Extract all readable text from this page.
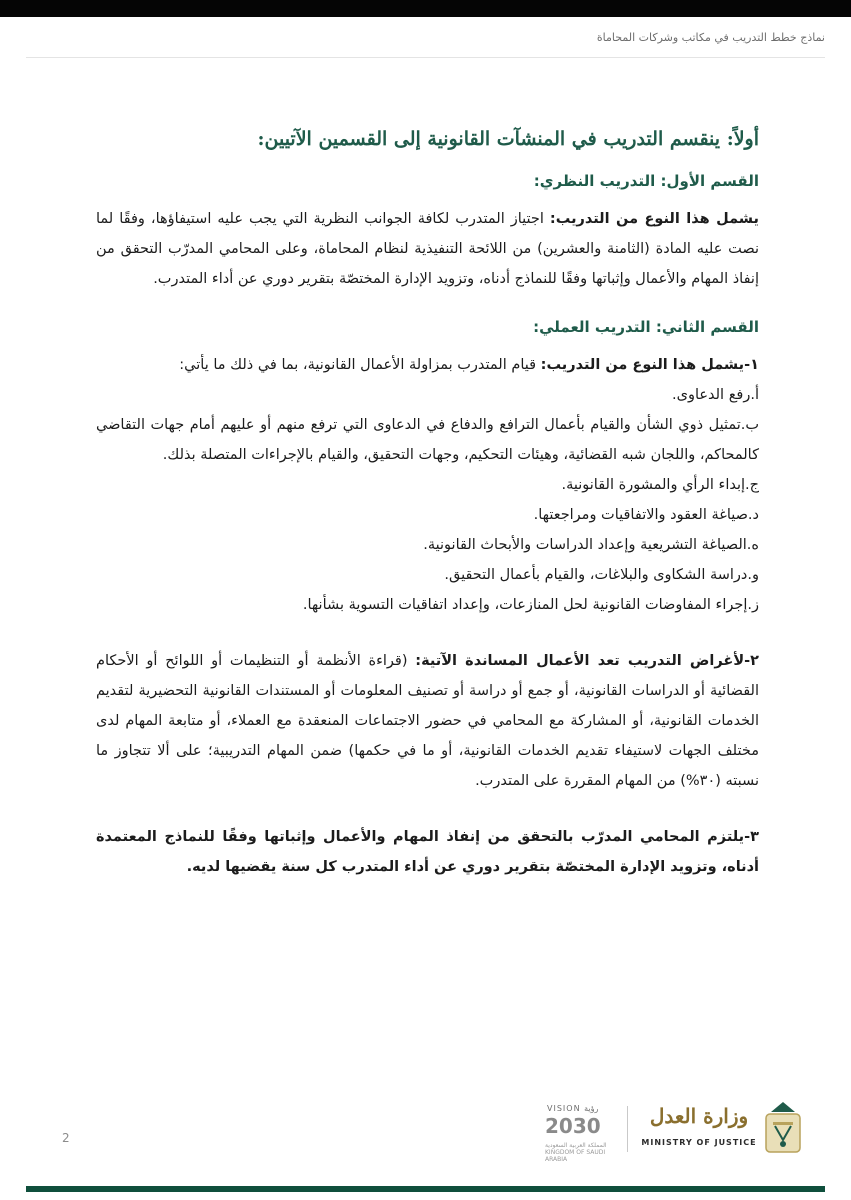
نماذج خطط التدريب في مكاتب وشركات المحاماة
أولاً: ينقسم التدريب في المنشآت القانونية إلى القسمين الآتيين:
القسم الأول: التدريب النظري:

يشمل هذا النوع من التدريب: اجتياز المتدرب لكافة الجوانب النظرية التي يجب عليه استيفاؤها، وفقًا لما نصت عليه المادة (الثامنة والعشرين) من اللائحة التنفيذية لنظام المحاماة، وعلى المحامي المدرّب التحقق من إنفاذ المهام والأعمال وإثباتها وفقًا للنماذج أدناه، وتزويد الإدارة المختصّة بتقرير دوري عن أداء المتدرب.

القسم الثاني: التدريب العملي:

١-يشمل هذا النوع من التدريب: قيام المتدرب بمزاولة الأعمال القانونية، بما في ذلك ما يأتي:

أ.رفع الدعاوى.

ب.تمثيل ذوي الشأن والقيام بأعمال الترافع والدفاع في الدعاوى التي ترفع منهم أو عليهم أمام جهات التقاضي كالمحاكم، واللجان شبه القضائية، وهيئات التحكيم، وجهات التحقيق، والقيام بالإجراءات المتصلة بذلك.

ج.إبداء الرأي والمشورة القانونية.

د.صياغة العقود والاتفاقيات ومراجعتها.

ه.الصياغة التشريعية وإعداد الدراسات والأبحاث القانونية.

و.دراسة الشكاوى والبلاغات، والقيام بأعمال التحقيق.

ز.إجراء المفاوضات القانونية لحل المنازعات، وإعداد اتفاقيات التسوية بشأنها.

٢-لأغراض التدريب تعد الأعمال المساندة الآتية: (قراءة الأنظمة أو التنظيمات أو اللوائح أو الأحكام القضائية أو الدراسات القانونية، أو جمع أو دراسة أو تصنيف المعلومات أو المستندات القانونية التحضيرية لتقديم الخدمات القانونية، أو المشاركة مع المحامي في حضور الاجتماعات المنعقدة مع العملاء، أو متابعة المهام لدى مختلف الجهات لاستيفاء تقديم الخدمات القانونية، أو ما في حكمها) ضمن المهام التدريبية؛ على ألا تتجاوز ما نسبته (٣٠%) من المهام المقررة على المتدرب.

٣-يلتزم المحامي المدرّب بالتحقق من إنفاذ المهام والأعمال وإثباتها وفقًا للنماذج المعتمدة أدناه، وتزويد الإدارة المختصّة بتقرير دوري عن أداء المتدرب كل سنة يقضيها لديه.

VISION رؤية
2030
المملكة العربية السعودية KINGDOM OF SAUDI ARABIA
وزارة العدل
MINISTRY OF JUSTICE
2
